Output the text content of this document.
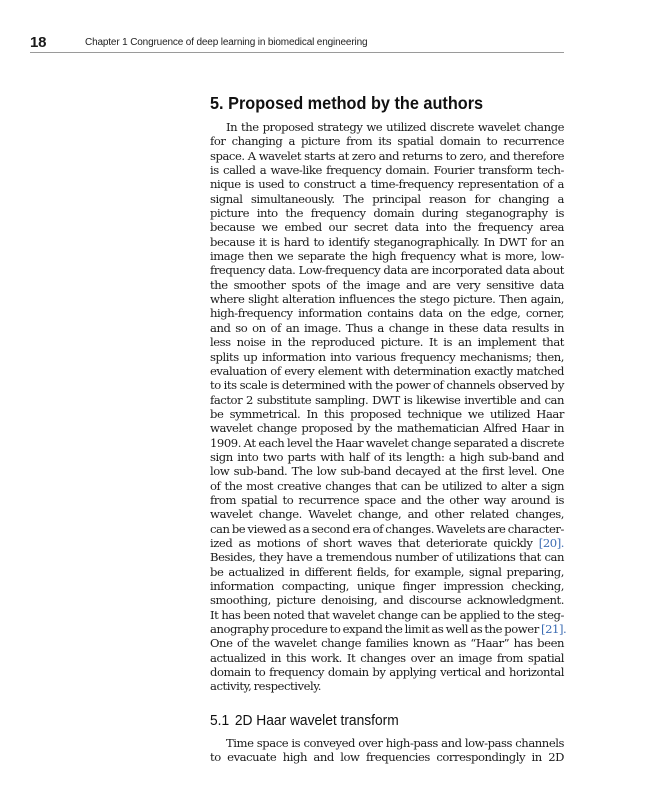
18	Chapter 1 Congruence of deep learning in biomedical engineering
5. Proposed method by the authors
In the proposed strategy we utilized discrete wavelet change
for changing a picture from its spatial domain to recurrence
space. A wavelet starts at zero and returns to zero, and therefore
is called a wave-like frequency domain. Fourier transform tech-
nique is used to construct a time-frequency representation of a
signal simultaneously. The principal reason for changing a
picture into the frequency domain during steganography is
because we embed our secret data into the frequency area
because it is hard to identify steganographically. In DWT for an
image then we separate the high frequency what is more, low-
frequency data. Low-frequency data are incorporated data about
the smoother spots of the image and are very sensitive data
where slight alteration influences the stego picture. Then again,
high-frequency information contains data on the edge, corner,
and so on of an image. Thus a change in these data results in
less noise in the reproduced picture. It is an implement that
splits up information into various frequency mechanisms; then,
evaluation of every element with determination exactly matched
to its scale is determined with the power of channels observed by
factor 2 substitute sampling. DWT is likewise invertible and can
be symmetrical. In this proposed technique we utilized Haar
wavelet change proposed by the mathematician Alfred Haar in
1909. At each level the Haar wavelet change separated a discrete
sign into two parts with half of its length: a high sub-band and
low sub-band. The low sub-band decayed at the first level. One
of the most creative changes that can be utilized to alter a sign
from spatial to recurrence space and the other way around is
wavelet change. Wavelet change, and other related changes,
can be viewed as a second era of changes. Wavelets are character-
ized as motions of short waves that deteriorate quickly [20].
Besides, they have a tremendous number of utilizations that can
be actualized in different fields, for example, signal preparing,
information compacting, unique finger impression checking,
smoothing, picture denoising, and discourse acknowledgment.
It has been noted that wavelet change can be applied to the steg-
anography procedure to expand the limit as well as the power [21].
One of the wavelet change families known as “Haar” has been
actualized in this work. It changes over an image from spatial
domain to frequency domain by applying vertical and horizontal
activity, respectively.
5.1 2D Haar wavelet transform
Time space is conveyed over high-pass and low-pass channels
to evacuate high and low frequencies correspondingly in 2D
